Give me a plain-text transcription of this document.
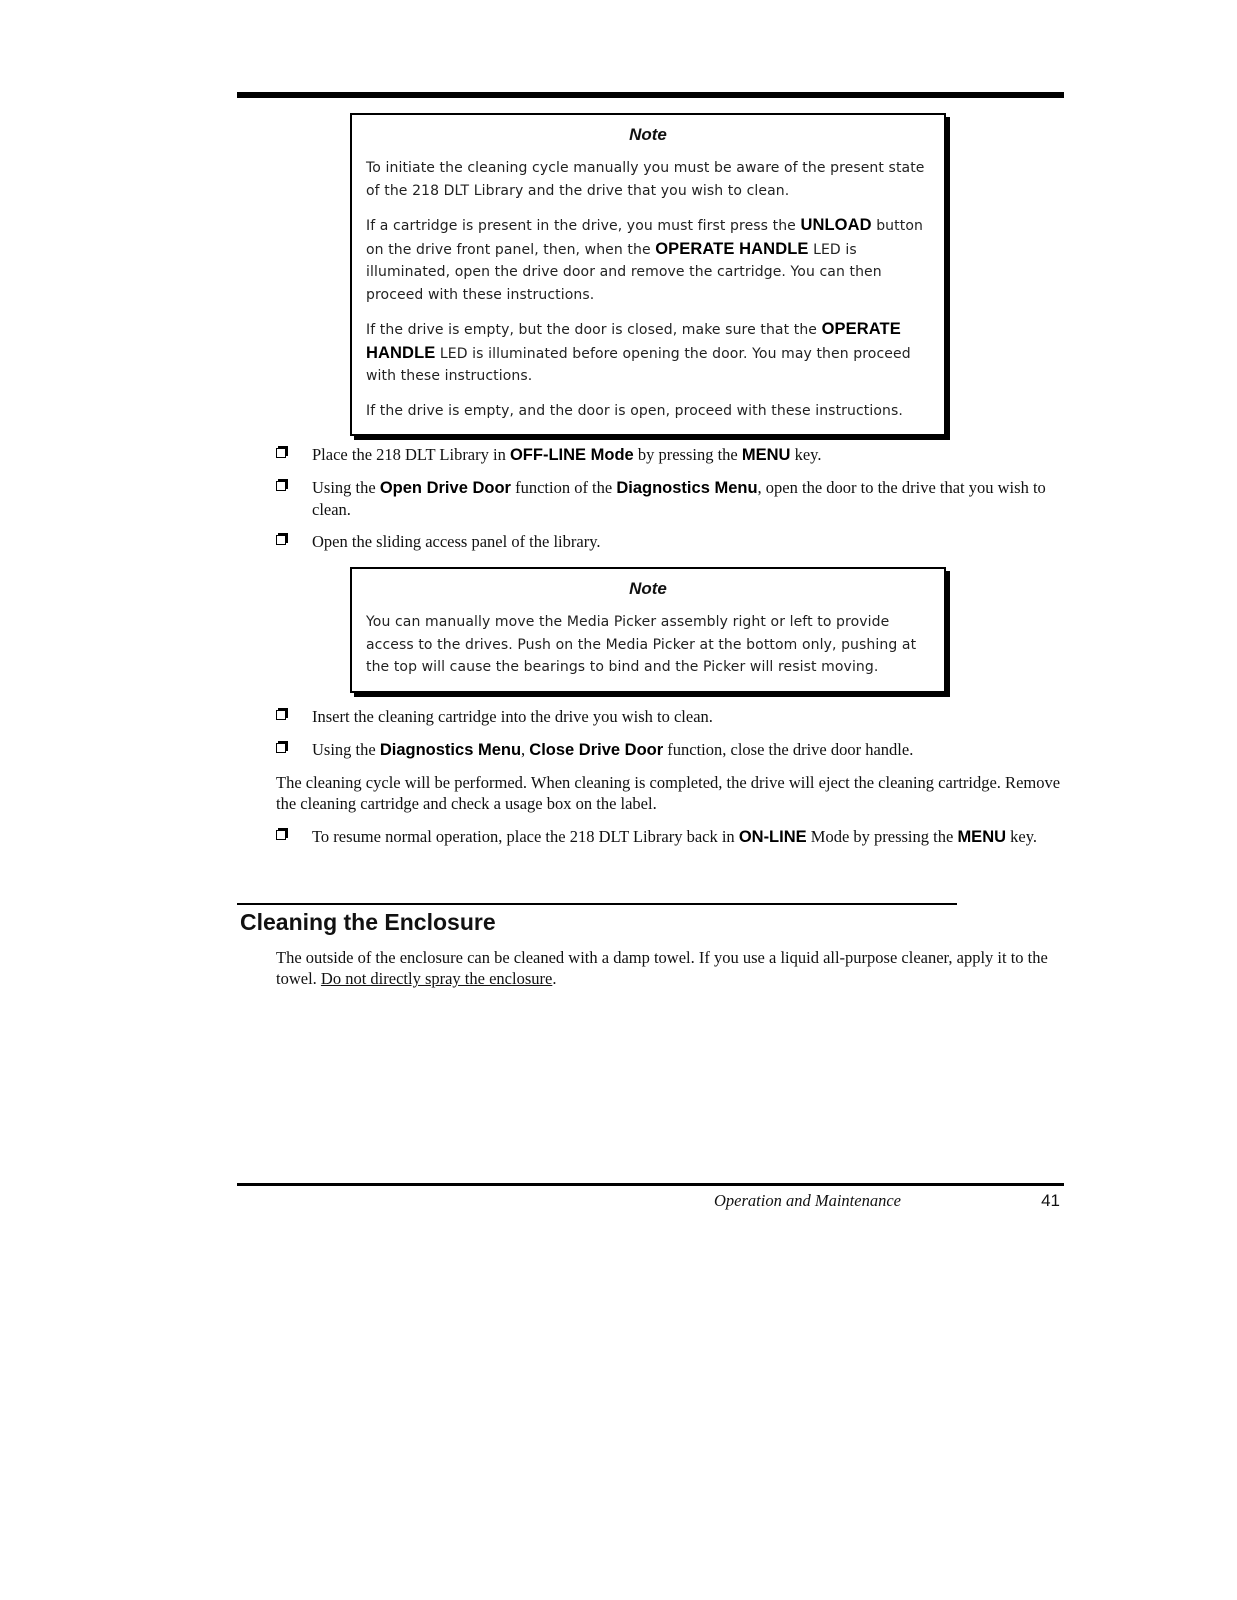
Note

To initiate the cleaning cycle manually you must be aware of the present state of the 218 DLT Library and the drive that you wish to clean.

If a cartridge is present in the drive, you must first press the UNLOAD button on the drive front panel, then, when the OPERATE HANDLE LED is illuminated, open the drive door and remove the cartridge. You can then proceed with these instructions.

If the drive is empty, but the door is closed, make sure that the OPERATE HANDLE LED is illuminated before opening the door. You may then proceed with these instructions.

If the drive is empty, and the door is open, proceed with these instructions.

Place the 218 DLT Library in OFF-LINE Mode by pressing the MENU key.
Using the Open Drive Door function of the Diagnostics Menu, open the door to the drive that you wish to clean.
Open the sliding access panel of the library.
Note

You can manually move the Media Picker assembly right or left to provide access to the drives. Push on the Media Picker at the bottom only, pushing at the top will cause the bearings to bind and the Picker will resist moving.

Insert the cleaning cartridge into the drive you wish to clean.
Using the Diagnostics Menu, Close Drive Door function, close the drive door handle.
The cleaning cycle will be performed. When cleaning is completed, the drive will eject the cleaning cartridge. Remove the cleaning cartridge and check a usage box on the label.
To resume normal operation, place the 218 DLT Library back in ON-LINE Mode by pressing the MENU key.
Cleaning the Enclosure
The outside of the enclosure can be cleaned with a damp towel. If you use a liquid all-purpose cleaner, apply it to the towel. Do not directly spray the enclosure.
Operation and Maintenance	41
